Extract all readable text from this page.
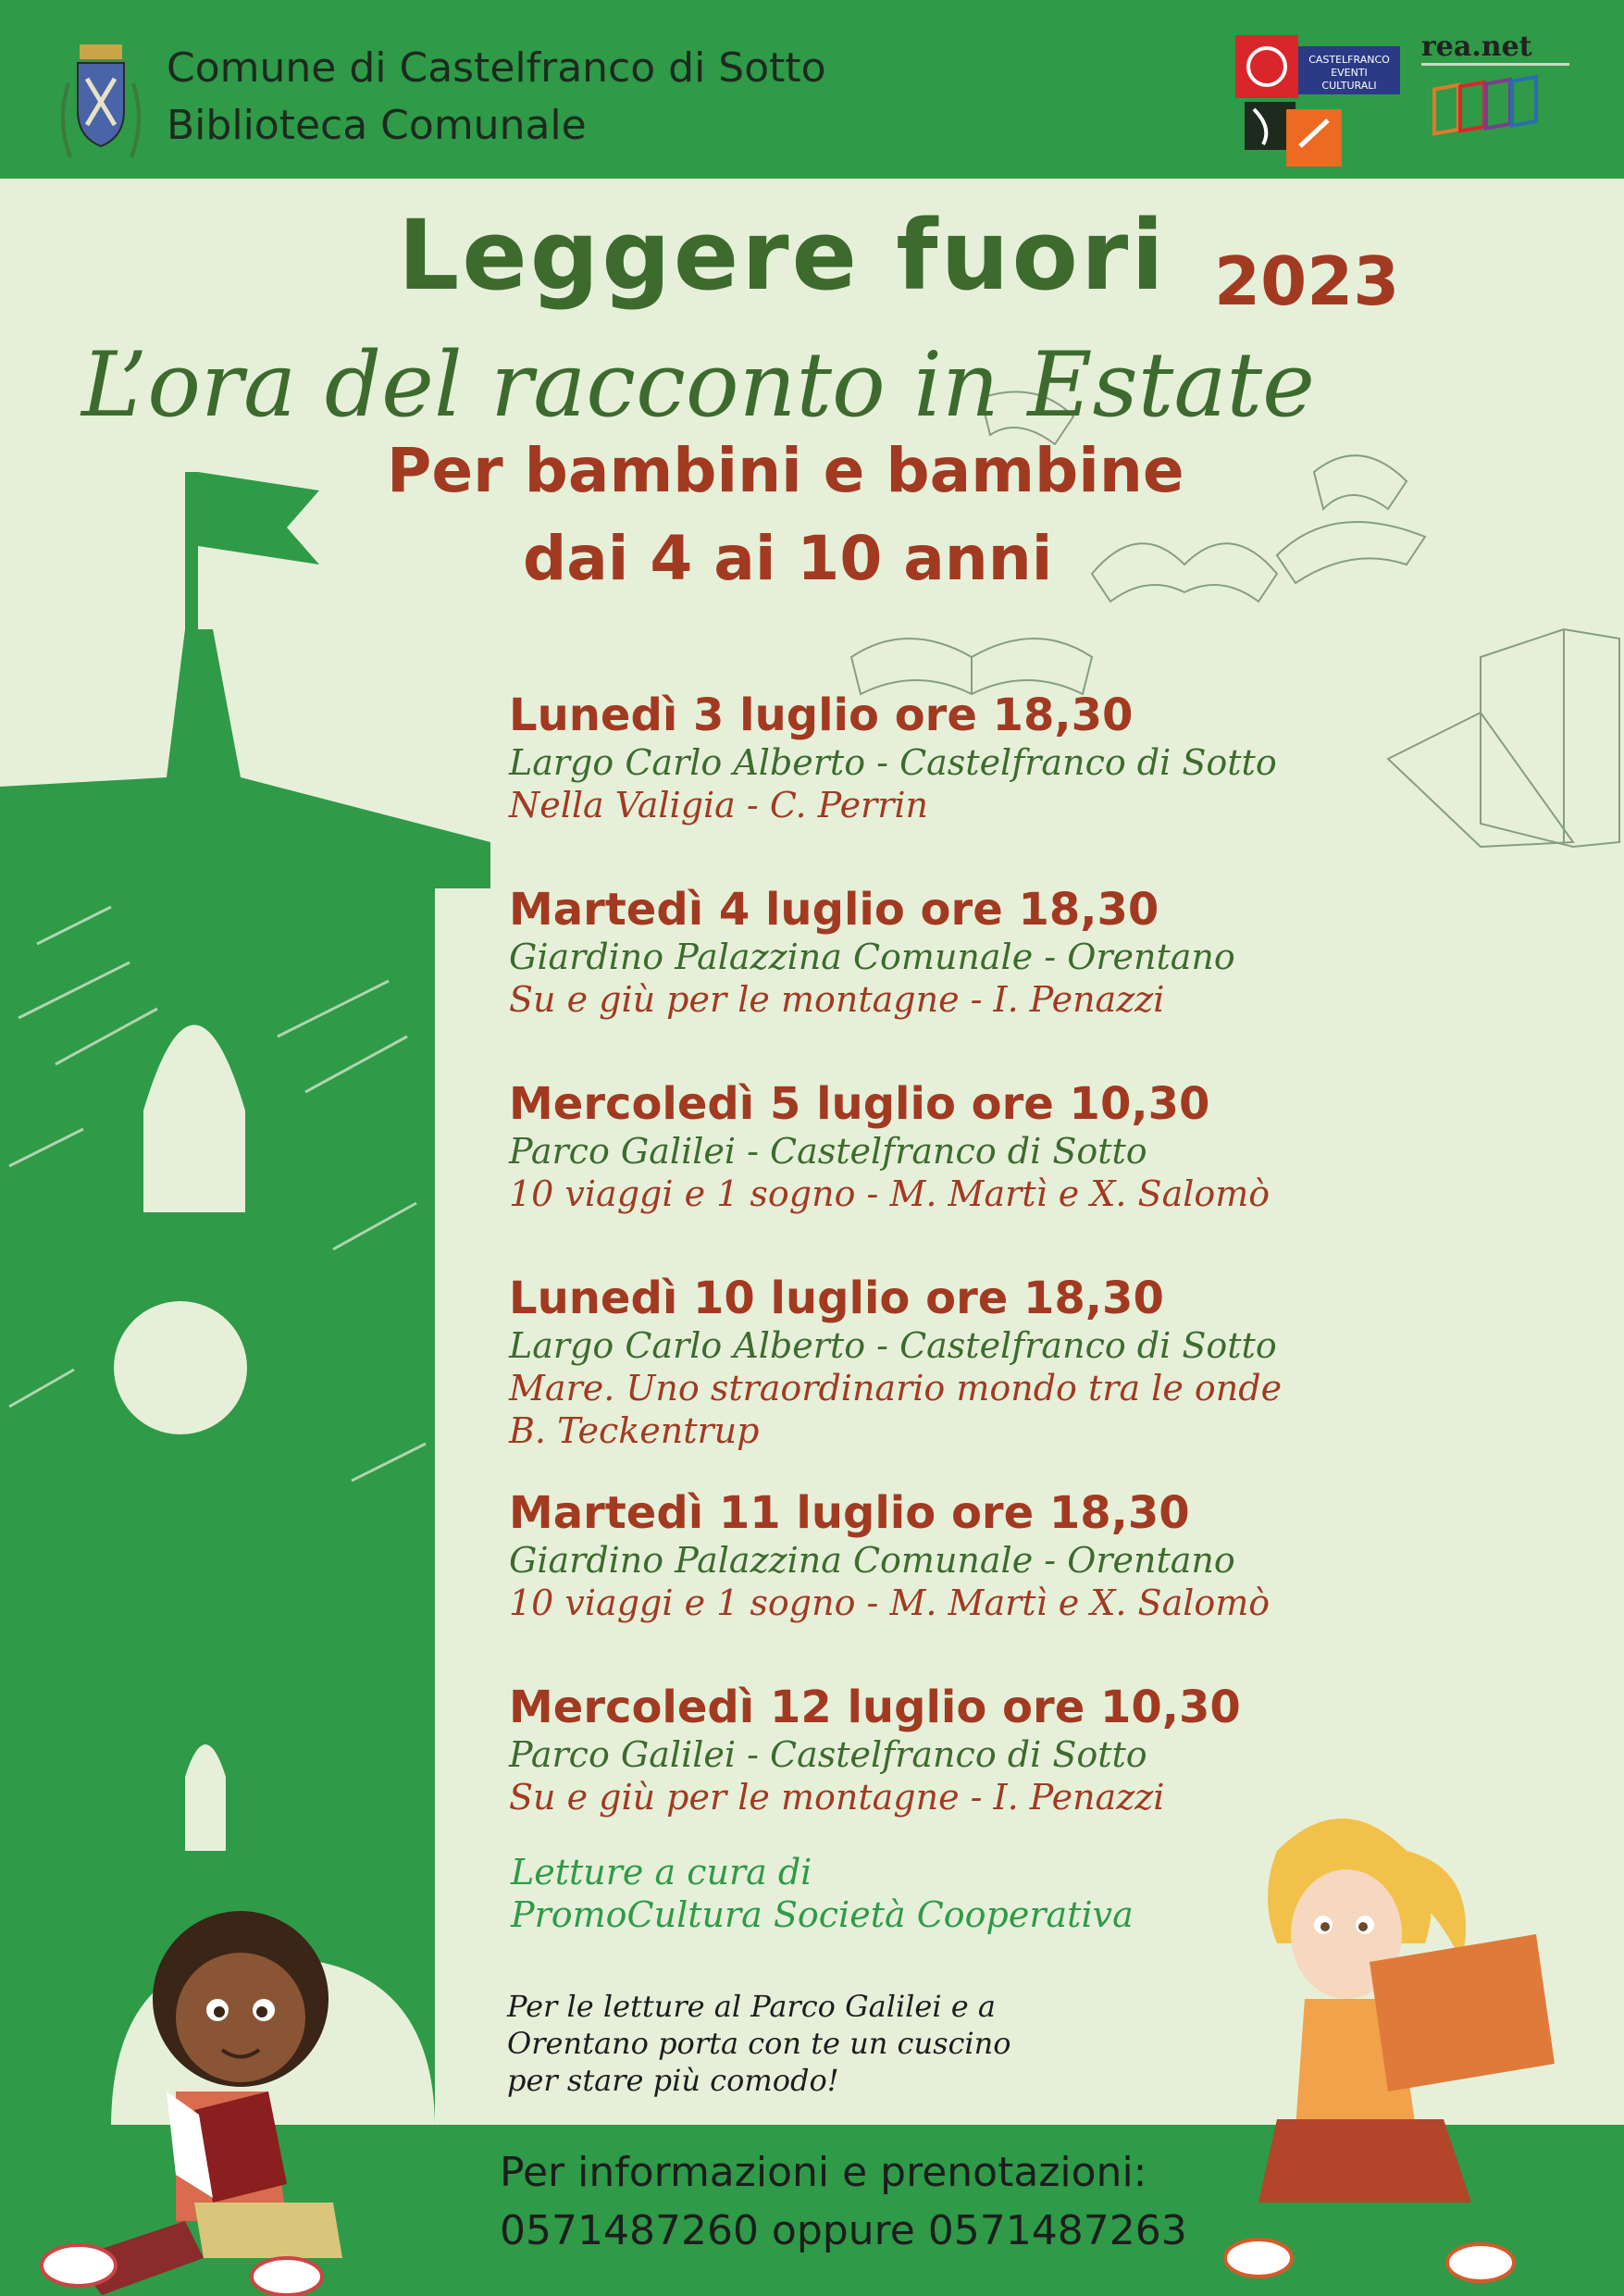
Comune di Castelfranco di Sotto
Biblioteca Comunale
CASTELFRANCO
EVENTI
CULTURALI
rea.net
Leggere fuori 2023
L’ora del racconto in Estate
Per bambini e bambine
dai 4 ai 10 anni
Lunedì 3 luglio ore 18,30
Largo Carlo Alberto - Castelfranco di Sotto
Nella Valigia - C. Perrin
Martedì 4 luglio ore 18,30
Giardino Palazzina Comunale - Orentano
Su e giù per le montagne - I. Penazzi
Mercoledì 5 luglio ore 10,30
Parco Galilei - Castelfranco di Sotto
10 viaggi e 1 sogno - M. Martì e X. Salomò
Lunedì 10 luglio ore 18,30
Largo Carlo Alberto - Castelfranco di Sotto
Mare. Uno straordinario mondo tra le onde
B. Teckentrup
Martedì 11 luglio ore 18,30
Giardino Palazzina Comunale - Orentano
10 viaggi e 1 sogno - M. Martì e X. Salomò
Mercoledì 12 luglio ore 10,30
Parco Galilei - Castelfranco di Sotto
Su e giù per le montagne - I. Penazzi
Letture a cura di
PromoCultura Società Cooperativa
Per le letture al Parco Galilei e a
Orentano porta con te un cuscino
per stare più comodo!
Per informazioni e prenotazioni:
0571487260 oppure 0571487263
